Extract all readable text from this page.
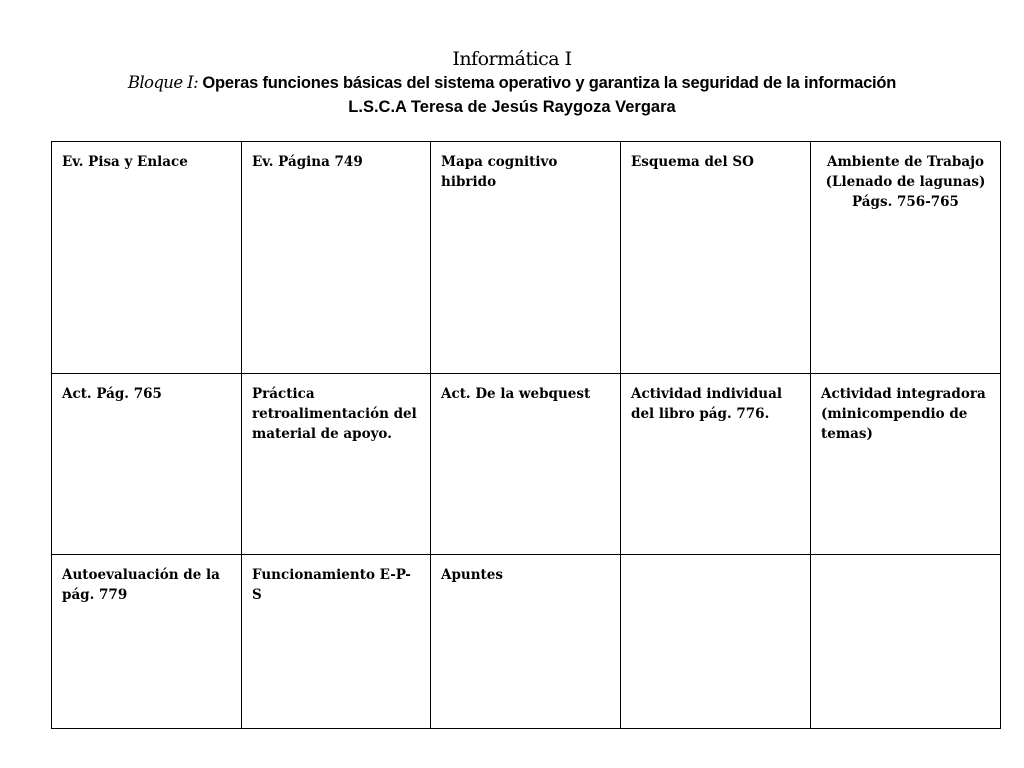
Informática I
Bloque I: Operas funciones básicas del sistema operativo y garantiza la seguridad de la información
L.S.C.A Teresa de Jesús Raygoza Vergara
Ev. Pisa y Enlace	Ev. Página 749	Mapa cognitivo hibrido	Esquema del SO	Ambiente de Trabajo
(Llenado de lagunas)
Págs. 756-765

Act. Pág. 765	Práctica retroalimentación del material de apoyo.	Act. De la webquest	Actividad individual del libro pág. 776.	Actividad integradora (minicompendio de temas)
Autoevaluación de la pág. 779	Funcionamiento E-P-S	Apuntes		
